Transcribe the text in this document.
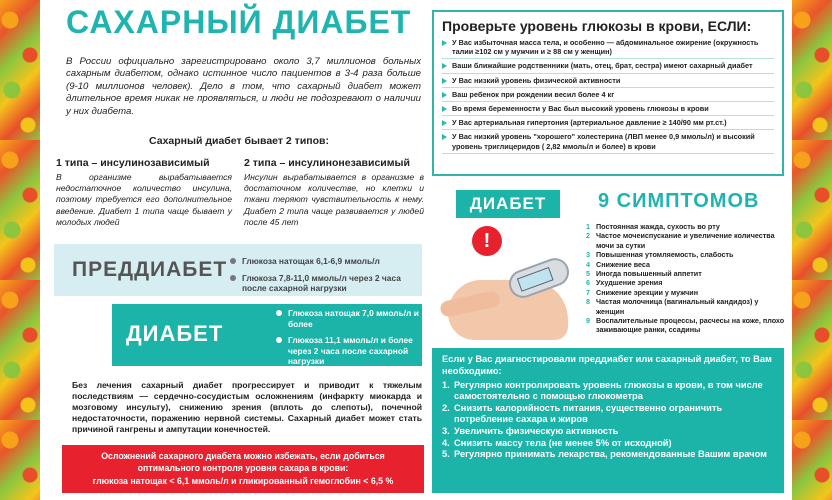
САХАРНЫЙ ДИАБЕТ

В России официально зарегистрировано около 3,7 миллионов больных сахарным диабетом, однако истинное число пациентов в 3-4 раза больше (9-10 миллионов человек). Дело в том, что сахарный диабет может длительное время никак не проявляться, и люди не подозревают о наличии у них диабета.

Сахарный диабет бывает 2 типов:
1 типа – инсулинозависимый
В организме вырабатывается недостаточное количество инсулина, поэтому требуется его дополнительное введение. Диабет 1 типа чаще бывает у молодых людей
2 типа – инсулинонезависимый
Инсулин вырабатывается в организме в достаточном количестве, но клетки и ткани теряют чувствительность к нему. Диабет 2 типа чаще развивается у людей после 45 лет
ПРЕДДИАБЕТ	Глюкоза натощак 6,1-6,9 ммоль/л
Глюкоза 7,8-11,0 ммоль/л через 2 часа после сахарной нагрузки
ДИАБЕТ
Глюкоза натощак 7,0 ммоль/л и более
Глюкоза 11,1 ммоль/л и более через 2 часа после сахарной нагрузки

Без лечения сахарный диабет прогрессирует и приводит к тяжелым последствиям — сердечно-сосудистым осложнениям (инфаркту миокарда и мозговому инсульту), снижению зрения (вплоть до слепоты), почечной недостаточности, поражению нервной системы. Сахарный диабет может стать причиной гангрены и ампутации конечностей.

Осложнений сахарного диабета можно избежать, если добиться
оптимального контроля уровня сахара в крови:
глюкоза натощак < 6,1 ммоль/л и гликированный гемоглобин < 6,5 %
Проверьте уровень глюкозы в крови, ЕСЛИ:
У Вас избыточная масса тела, и особенно — абдоминальное ожирение (окружность талии ≥102 см у мужчин и ≥ 88 см у женщин)
Ваши ближайшие родственники (мать, отец, брат, сестра) имеют сахарный диабет
У Вас низкий уровень физической активности
Ваш ребенок при рождении весил более 4 кг
Во время беременности у Вас был высокий уровень глюкозы в крови
У Вас артериальная гипертония (артериальное давление ≥ 140/90 мм рт.ст.)
У Вас низкий уровень "хорошего" холестерина (ЛВП менее 0,9 ммоль/л) и высокий уровень триглицеридов ( 2,82 ммоль/л и более) в крови
ДИАБЕТ	9 СИМПТОМОВ
!
1 Постоянная жажда, сухость во рту
2 Частое мочеиспускание и увеличение количества мочи за сутки
3 Повышенная утомляемость, слабость
4 Снижение веса
5 Иногда повышенный аппетит
6 Ухудшение зрения
7 Снижение эрекции у мужчин
8 Частая молочница (вагинальный кандидоз) у женщин
9 Воспалительные процессы, расчесы на коже, плохо заживающие ранки, ссадины
Если у Вас диагностировали преддиабет или сахарный диабет, то Вам необходимо:
1. Регулярно контролировать уровень глюкозы в крови, в том числе самостоятельно с помощью глюкометра
2. Снизить калорийность питания, существенно ограничить потребление сахара и жиров
3. Увеличить физическую активность
4. Снизить массу тела (не менее 5% от исходной)
5. Регулярно принимать лекарства, рекомендованные Вашим врачом
